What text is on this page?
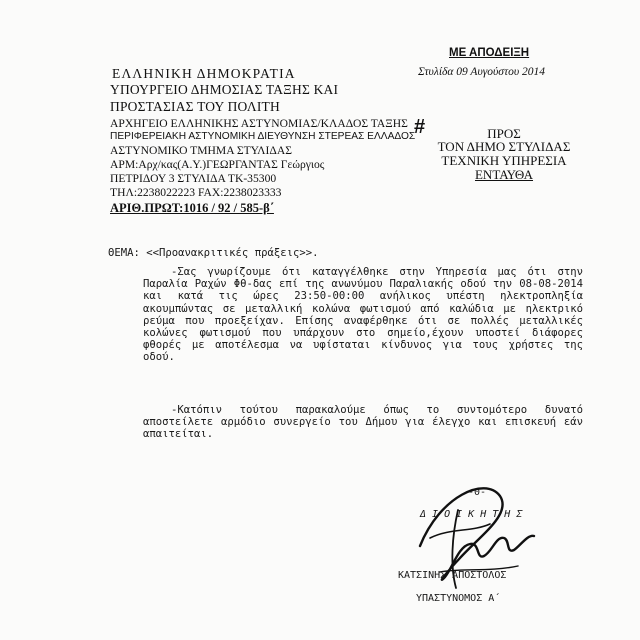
ΕΛΛΗΝΙΚΗ ΔΗΜΟΚΡΑΤΙΑ
ΥΠΟΥΡΓΕΙΟ ΔΗΜΟΣΙΑΣ ΤΑΞΗΣ ΚΑΙ
ΠΡΟΣΤΑΣΙΑΣ ΤΟΥ ΠΟΛΙΤΗ
ΑΡΧΗΓΕΙΟ ΕΛΛΗΝΙΚΗΣ ΑΣΤΥΝΟΜΙΑΣ/ΚΛΑΔΟΣ ΤΑΞΗΣ
ΠΕΡΙΦΕΡΕΙΑΚΗ ΑΣΤΥΝΟΜΙΚΗ ΔΙΕΥΘΥΝΣΗ ΣΤΕΡΕΑΣ ΕΛΛΑΔΟΣ
ΑΣΤΥΝΟΜΙΚΟ ΤΜΗΜΑ ΣΤΥΛΙΔΑΣ
ΑΡΜ:Αρχ/κας(Α.Υ.)ΓΕΩΡΓΑΝΤΑΣ Γεώργιος
ΠΕΤΡΙΔΟΥ 3 ΣΤΥΛΙΔΑ ΤΚ-35300
ΤΗΛ:2238022223 FAX:2238023333
ΑΡΙΘ.ΠΡΩΤ:1016 / 92 / 585-β΄
ΜΕ ΑΠΟΔΕΙΞΗ
Στυλίδα 09 Αυγούστου 2014
#	ΠΡΟΣ
ΤΟΝ ΔΗΜΟ ΣΤΥΛΙΔΑΣ
ΤΕΧΝΙΚΗ ΥΠΗΡΕΣΙΑ
ΕΝΤΑΥΘΑ
ΘΕΜΑ: <<Προανακριτικές πράξεις>>.

-Σας γνωρίζουμε ότι καταγγέλθηκε στην Υπηρεσία μας ότι στην Παραλία Ραχών Φθ-δας επί της ανωνύμου Παραλιακής οδού την 08-08-2014 και κατά τις ώρες 23:50-00:00 ανήλικος υπέστη ηλεκτροπληξία ακουμπώντας σε μεταλλική κολώνα φωτισμού από καλώδια με ηλεκτρικό ρεύμα που προεξείχαν. Επίσης αναφέρθηκε ότι σε πολλές μεταλλικές κολώνες φωτισμού που υπάρχουν στο σημείο,έχουν υποστεί διάφορες φθορές με αποτέλεσμα να υφίσταται κίνδυνος για τους χρήστες της οδού.

-Κατόπιν τούτου παρακαλούμε όπως το συντομότερο δυνατό αποστείλετε αρμόδιο συνεργείο του Δήμου για έλεγχο και επισκευή εάν απαιτείται.

-0-
Δ Ι Ο Ι Κ Η Τ Η Σ
ΚΑΤΣΙΝΗΣ ΑΠΟΣΤΟΛΟΣ
ΥΠΑΣΤΥΝΟΜΟΣ Α΄
